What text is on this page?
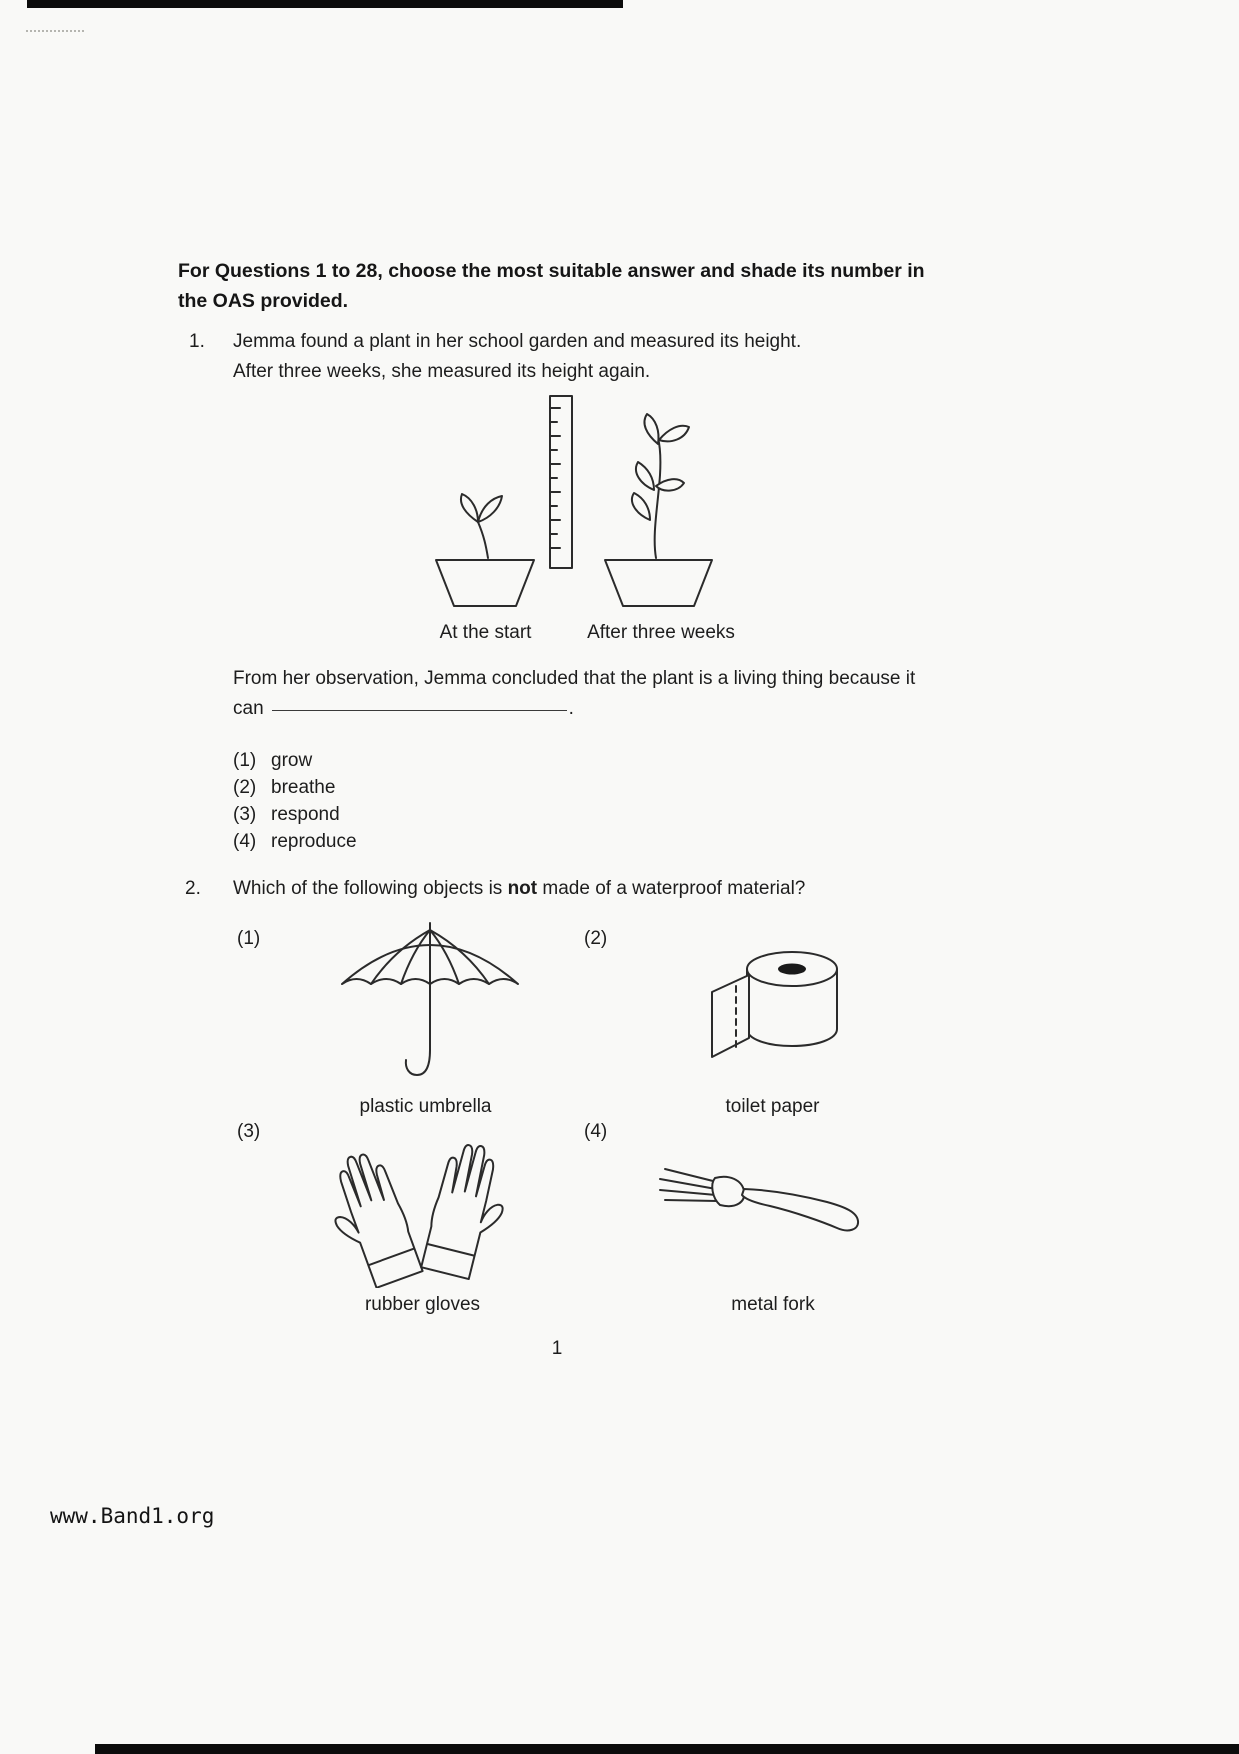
For Questions 1 to 28, choose the most suitable answer and shade its number in
the OAS provided.
1. Jemma found a plant in her school garden and measured its height.
After three weeks, she measured its height again.
At the start	After three weeks
From her observation, Jemma concluded that the plant is a living thing because it
can	.
(1) grow
(2) breathe
(3) respond
(4) reproduce
2. Which of the following objects is not made of a waterproof material?
(1)
plastic umbrella
(2)
toilet paper
(3)
rubber gloves
(4)
metal fork
1
www.Band1.org
